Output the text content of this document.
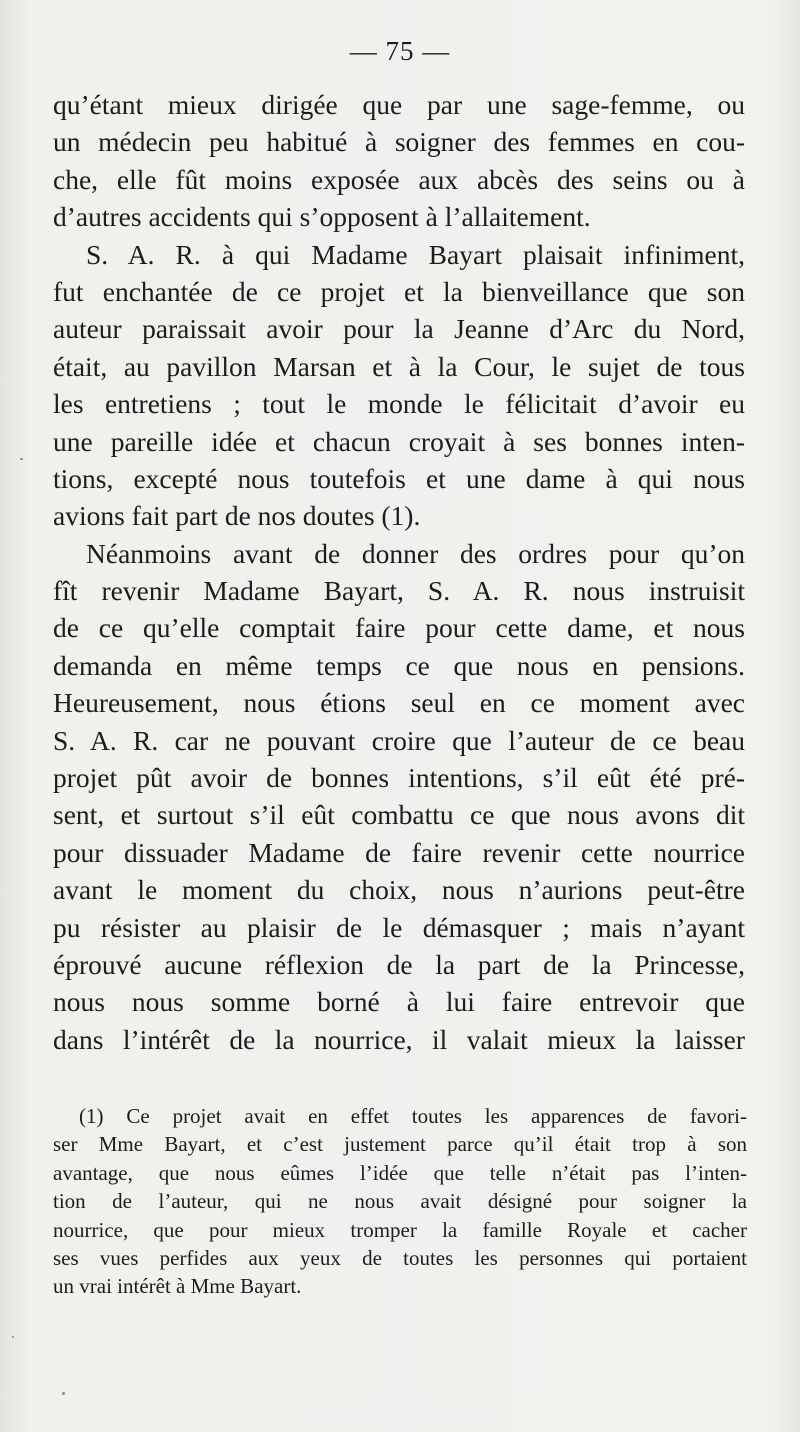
— 75 —
qu’étant mieux dirigée que par une sage-femme, ou
un médecin peu habitué à soigner des femmes en cou-
che, elle fût moins exposée aux abcès des seins ou à
d’autres accidents qui s’opposent à l’allaitement.
S. A. R. à qui Madame Bayart plaisait infiniment,
fut enchantée de ce projet et la bienveillance que son
auteur paraissait avoir pour la Jeanne d’Arc du Nord,
était, au pavillon Marsan et à la Cour, le sujet de tous
les entretiens ; tout le monde le félicitait d’avoir eu
une pareille idée et chacun croyait à ses bonnes inten-
tions, excepté nous toutefois et une dame à qui nous
avions fait part de nos doutes (1).
Néanmoins avant de donner des ordres pour qu’on
fît revenir Madame Bayart, S. A. R. nous instruisit
de ce qu’elle comptait faire pour cette dame, et nous
demanda en même temps ce que nous en pensions.
Heureusement, nous étions seul en ce moment avec
S. A. R. car ne pouvant croire que l’auteur de ce beau
projet pût avoir de bonnes intentions, s’il eût été pré-
sent, et surtout s’il eût combattu ce que nous avons dit
pour dissuader Madame de faire revenir cette nourrice
avant le moment du choix, nous n’aurions peut-être
pu résister au plaisir de le démasquer ; mais n’ayant
éprouvé aucune réflexion de la part de la Princesse,
nous nous somme borné à lui faire entrevoir que
dans l’intérêt de la nourrice, il valait mieux la laisser
(1) Ce projet avait en effet toutes les apparences de favori-
ser Mme Bayart, et c’est justement parce qu’il était trop à son
avantage, que nous eûmes l’idée que telle n’était pas l’inten-
tion de l’auteur, qui ne nous avait désigné pour soigner la
nourrice, que pour mieux tromper la famille Royale et cacher
ses vues perfides aux yeux de toutes les personnes qui portaient
un vrai intérêt à Mme Bayart.
